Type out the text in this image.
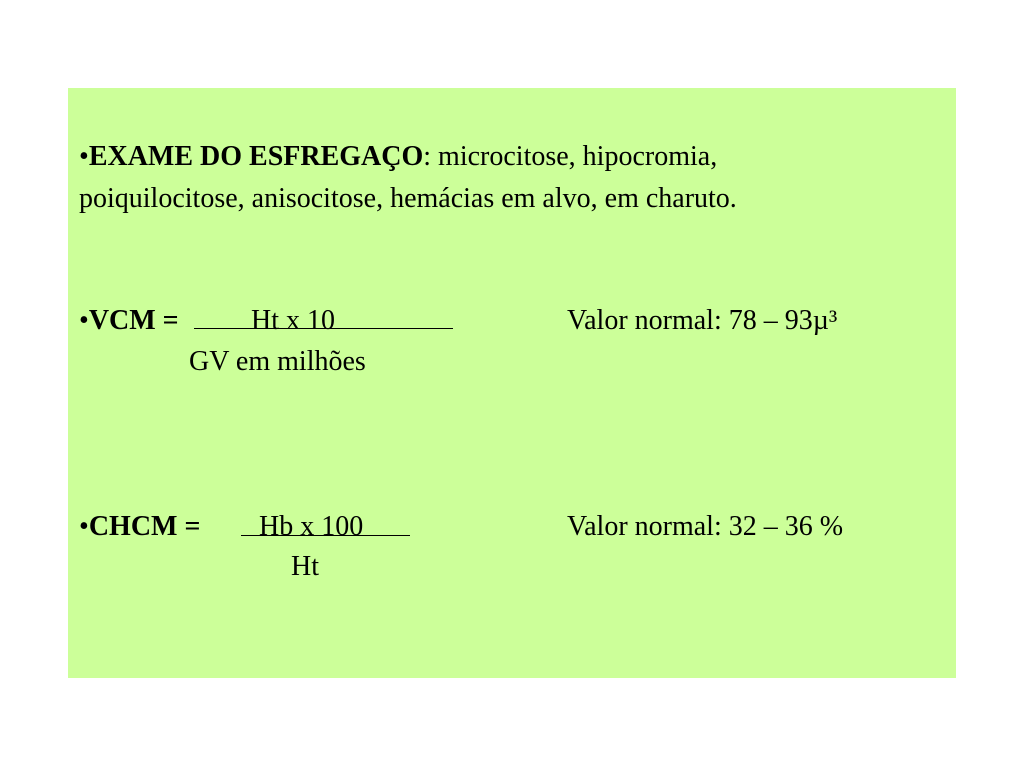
•EXAME DO ESFREGAÇO: microcitose, hipocromia,
poiquilocitose, anisocitose, hemácias em alvo, em charuto.
•VCM =	Ht x 10
GV em milhões
Valor normal: 78 – 93µ³
•CHCM = Hb x 100
Ht
Valor normal: 32 – 36 %
